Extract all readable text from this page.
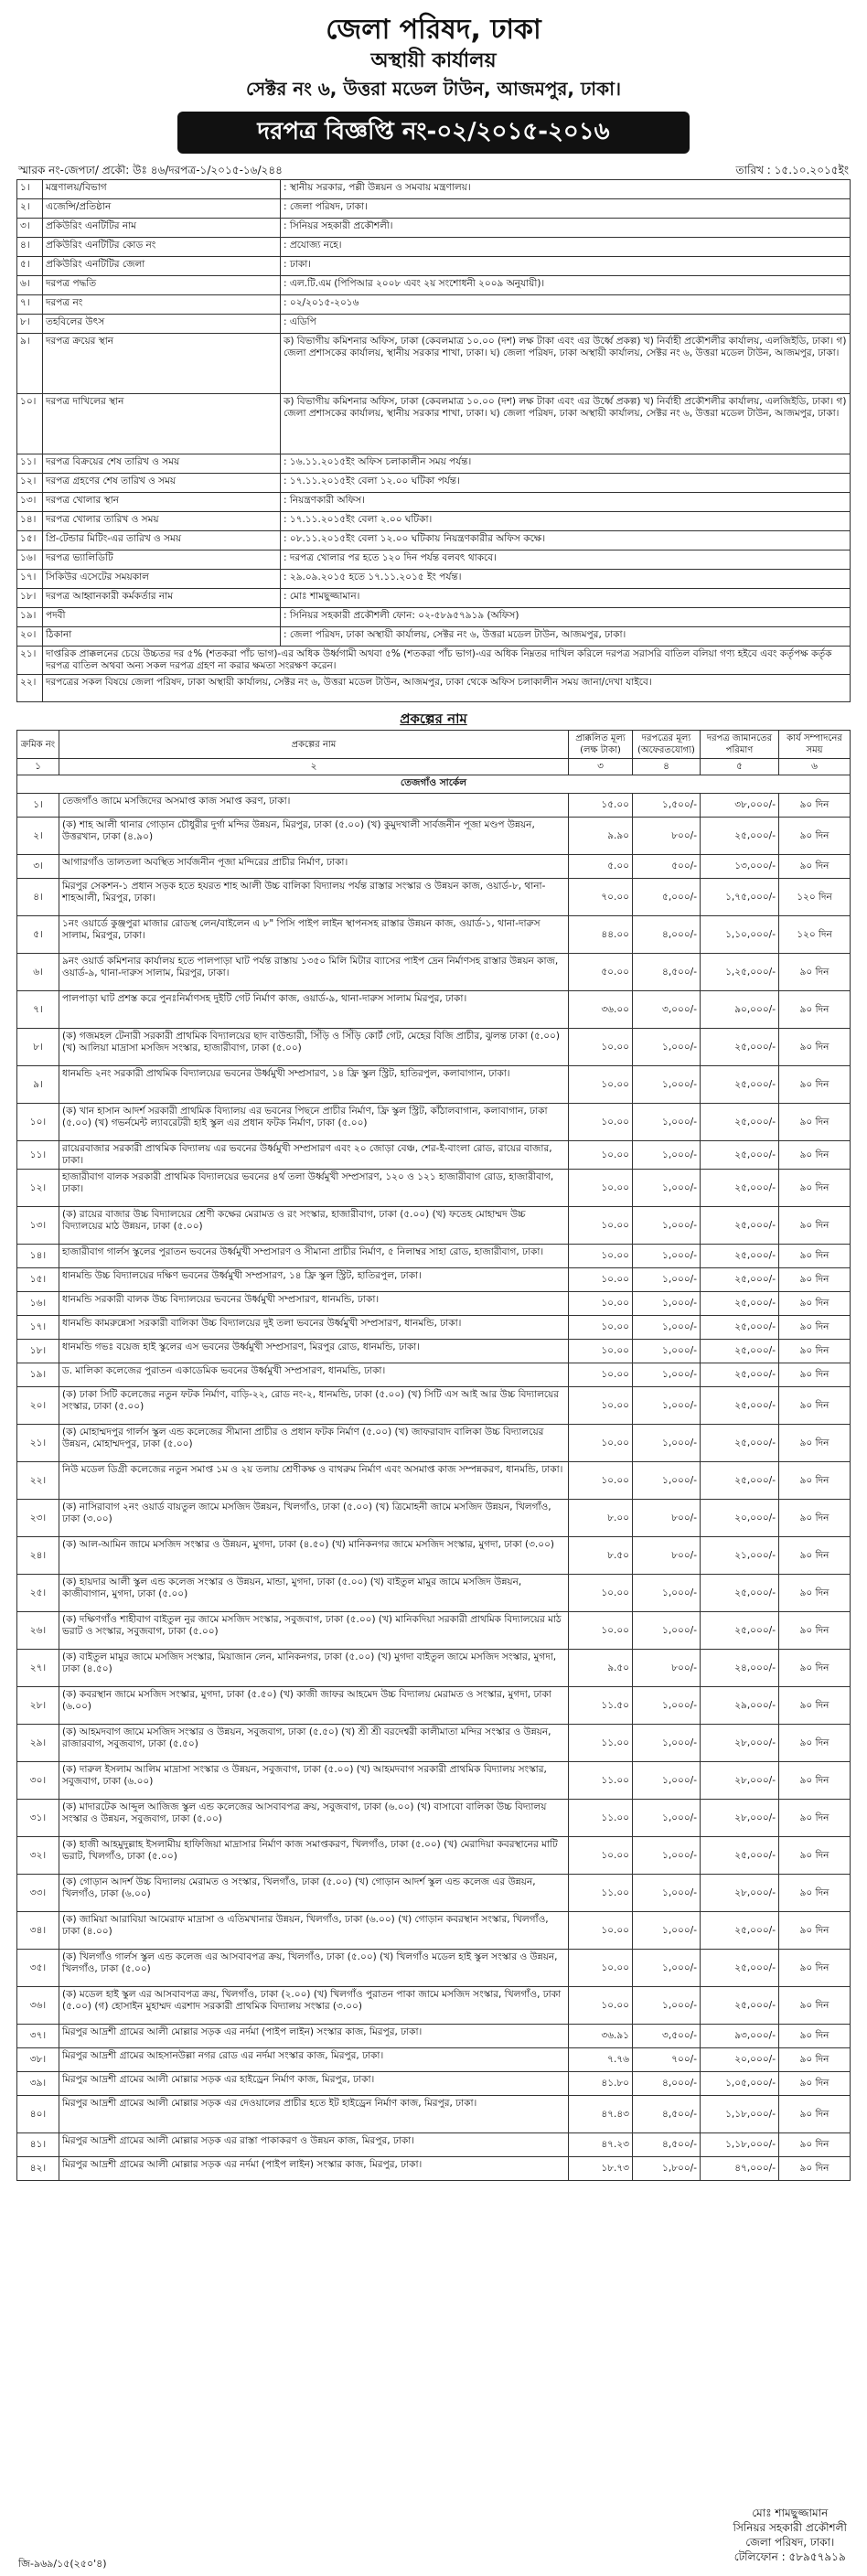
জেলা পরিষদ, ঢাকা
অস্থায়ী কার্যালয়
সেক্টর নং ৬, উত্তরা মডেল টাউন, আজমপুর, ঢাকা।
দরপত্র বিজ্ঞপ্তি নং-০২/২০১৫-২০১৬
স্মারক নং-জেপঢা/ প্রকৌ: উঃ ৪৬/দরপত্র-১/২০১৫-১৬/২৪৪	তারিখ : ১৫.১০.২০১৫ইং
১।	মন্ত্রণালয়/বিভাগ	: স্থানীয় সরকার, পল্লী উন্নয়ন ও সমবায় মন্ত্রণালয়।
২।	এজেন্সি/প্রতিষ্ঠান	: জেলা পরিষদ, ঢাকা।
৩।	প্রকিউরিং এনটিটির নাম	: সিনিয়র সহকারী প্রকৌশলী।
৪।	প্রকিউরিং এনটিটির কোড নং	: প্রযোজ্য নহে।
৫।	প্রকিউরিং এনটিটির জেলা	: ঢাকা।
৬।	দরপত্র পদ্ধতি	: এল.টি.এম (পিপিআর ২০০৮ এবং ২য় সংশোধনী ২০০৯ অনুযায়ী)।
৭।	দরপত্র নং	: ০২/২০১৫-২০১৬
৮।	তহবিলের উৎস	: এডিপি
৯।	দরপত্র ক্রয়ের স্থান	ক) বিভাগীয় কমিশনার অফিস, ঢাকা (কেবলমাত্র ১০.০০ (দশ) লক্ষ টাকা এবং এর উর্ধ্বে প্রকল্প) খ) নির্বাহী প্রকৌশলীর কার্যালয়, এলজিইডি, ঢাকা। গ) জেলা প্রশাসকের কার্যালয়, স্থানীয় সরকার শাখা, ঢাকা। ঘ) জেলা পরিষদ, ঢাকা অস্থায়ী কার্যালয়, সেক্টর নং ৬, উত্তরা মডেল টাউন, আজমপুর, ঢাকা।
১০।	দরপত্র দাখিলের স্থান	ক) বিভাগীয় কমিশনার অফিস, ঢাকা (কেবলমাত্র ১০.০০ (দশ) লক্ষ টাকা এবং এর উর্ধ্বে প্রকল্প) খ) নির্বাহী প্রকৌশলীর কার্যালয়, এলজিইডি, ঢাকা। গ) জেলা প্রশাসকের কার্যালয়, স্থানীয় সরকার শাখা, ঢাকা। ঘ) জেলা পরিষদ, ঢাকা অস্থায়ী কার্যালয়, সেক্টর নং ৬, উত্তরা মডেল টাউন, আজমপুর, ঢাকা।
১১।	দরপত্র বিক্রয়ের শেষ তারিখ ও সময়	: ১৬.১১.২০১৫ইং অফিস চলাকালীন সময় পর্যন্ত।
১২।	দরপত্র গ্রহণের শেষ তারিখ ও সময়	: ১৭.১১.২০১৫ইং বেলা ১২.০০ ঘটিকা পর্যন্ত।
১৩।	দরপত্র খোলার স্থান	: নিয়ন্ত্রণকারী অফিস।
১৪।	দরপত্র খোলার তারিখ ও সময়	: ১৭.১১.২০১৫ইং বেলা ২.০০ ঘটিকা।
১৫।	প্রি-টেন্ডার মিটিং-এর তারিখ ও সময়	: ০৮.১১.২০১৫ইং বেলা ১২.০০ ঘটিকায় নিয়ন্ত্রণকারীর অফিস কক্ষে।
১৬।	দরপত্র ভ্যালিডিটি	: দরপত্র খোলার পর হতে ১২০ দিন পর্যন্ত বলবৎ থাকবে।
১৭।	সিকিউর এসেটের সময়কাল	: ২৯.০৯.২০১৫ হতে ১৭.১১.২০১৫ ইং পর্যন্ত।
১৮।	দরপত্র আহ্বানকারী কর্মকর্তার নাম	: মোঃ শামছুজ্জামান।
১৯।	পদবী	: সিনিয়র সহকারী প্রকৌশলী ফোন: ০২-৫৮৯৫৭৯১৯ (অফিস)
২০।	ঠিকানা	: জেলা পরিষদ, ঢাকা অস্থায়ী কার্যালয়, সেক্টর নং ৬, উত্তরা মডেল টাউন, আজমপুর, ঢাকা।
২১।	দাপ্তরিক প্রাক্কলনের চেয়ে উচ্চতর দর ৫% (শতকরা পাঁচ ভাগ)-এর অধিক উর্ধ্বগামী অথবা ৫% (শতকরা পাঁচ ভাগ)-এর অধিক নিম্নতর দাখিল করিলে দরপত্র সরাসরি বাতিল বলিয়া গণ্য হইবে এবং কর্তৃপক্ষ কর্তৃক দরপত্র বাতিল অথবা অন্য সকল দরপত্র গ্রহণ না করার ক্ষমতা সংরক্ষণ করেন।	
২২।	দরপত্রের সকল বিষয়ে জেলা পরিষদ, ঢাকা অস্থায়ী কার্যালয়, সেক্টর নং ৬, উত্তরা মডেল টাউন, আজমপুর, ঢাকা থেকে অফিস চলাকালীন সময় জানা/দেখা যাইবে।	
প্রকল্পের নাম
ক্রমিক নং	প্রকল্পের নাম	প্রাক্কলিত মূল্য (লক্ষ টাকা)	দরপত্রের মূল্য (অফেরতযোগ্য)	দরপত্র জামানতের পরিমাণ	কার্য সম্পাদনের সময়
১	২	৩	৪	৫	৬
তেজগাঁও সার্কেল					
১।	তেজগাঁও জামে মসজিদের অসমাপ্ত কাজ সমাপ্ত করণ, ঢাকা।	১৫.০০	১,৫০০/-	৩৮,০০০/-	৯০ দিন
২।	(ক) শাহ আলী থানার গোড়ান চৌধুরীর দুর্গা মন্দির উন্নয়ন, মিরপুর, ঢাকা (৫.০০) (খ) কুমুদখালী সার্বজনীন পূজা মণ্ডপ উন্নয়ন, উত্তরখান, ঢাকা (৪.৯০)	৯.৯০	৮০০/-	২৫,০০০/-	৯০ দিন
৩।	আগারগাঁও তালতলা অবস্থিত সার্বজনীন পূজা মন্দিরের প্রাচীর নির্মাণ, ঢাকা।	৫.০০	৫০০/-	১৩,০০০/-	৯০ দিন
৪।	মিরপুর সেকশন-১ প্রধান সড়ক হতে হযরত শাহ আলী উচ্চ বালিকা বিদ্যালয় পর্যন্ত রাস্তার সংস্কার ও উন্নয়ন কাজ, ওয়ার্ড-৮, থানা-শাহআলী, মিরপুর, ঢাকা।	৭০.০০	৫,০০০/-	১,৭৫,০০০/-	১২০ দিন
৫।	১নং ওয়ার্ডে কুঞ্জপুরা মাজার রোডস্থ লেন/বাইলেন এ ৮" পিসি পাইপ লাইন স্থাপনসহ রাস্তার উন্নয়ন কাজ, ওয়ার্ড-১, থানা-দারুস সালাম, মিরপুর, ঢাকা।	৪৪.০০	৪,০০০/-	১,১০,০০০/-	১২০ দিন
৬।	৯নং ওয়ার্ড কমিশনার কার্যালয় হতে পালপাড়া ঘাট পর্যন্ত রাস্তায় ১৩৫০ মিলি মিটার ব্যাসের পাইপ দ্রেন নির্মাণসহ রাস্তার উন্নয়ন কাজ, ওয়ার্ড-৯, থানা-দারুস সালাম, মিরপুর, ঢাকা।	৫০.০০	৪,৫০০/-	১,২৫,০০০/-	৯০ দিন
৭।	পালপাড়া ঘাট প্রশস্ত করে পুনঃনির্মাণসহ দুইটি গেট নির্মাণ কাজ, ওয়ার্ড-৯, থানা-দারুস সালাম মিরপুর, ঢাকা।	৩৬.০০	৩,০০০/-	৯০,০০০/-	৯০ দিন
৮।	(ক) গজমহল টেনারী সরকারী প্রাথমিক বিদ্যালয়ের ছাদ বাউন্ডারী, সিঁড়ি ও সিঁড়ি কোর্ট গেট, মেহের বিজি প্রাচীর, ঝুলন্ত ঢাকা (৫.০০) (খ) আলিয়া মাদ্রাসা মসজিদ সংস্কার, হাজারীবাগ, ঢাকা (৫.০০)	১০.০০	১,০০০/-	২৫,০০০/-	৯০ দিন
৯।	ধানমন্ডি ২নং সরকারী প্রাথমিক বিদ্যালয়ের ভবনের উর্ধ্বমুখী সম্প্রসারণ, ১৪ ফ্রি স্কুল স্ট্রিট, হাতিরপুল, কলাবাগান, ঢাকা।	১০.০০	১,০০০/-	২৫,০০০/-	৯০ দিন
১০।	(ক) খান হাসান আদর্শ সরকারী প্রাথমিক বিদ্যালয় এর ভবনের পিছনে প্রাচীর নির্মাণ, ফ্রি স্কুল স্ট্রিট, কাঁঠালবাগান, কলাবাগান, ঢাকা (৫.০০) (খ) গভর্নমেন্ট ল্যাবরেটরী হাই স্কুল এর প্রধান ফটক নির্মাণ, ঢাকা (৫.০০)	১০.০০	১,০০০/-	২৫,০০০/-	৯০ দিন
১১।	রায়েরবাজার সরকারী প্রাথমিক বিদ্যালয় এর ভবনের উর্ধ্বমুখী সম্প্রসারণ এবং ২০ জোড়া বেঞ্চ, শের-ই-বাংলা রোড, রায়ের বাজার, ঢাকা।	১০.০০	১,০০০/-	২৫,০০০/-	৯০ দিন
১২।	হাজারীবাগ বালক সরকারী প্রাথমিক বিদ্যালয়ের ভবনের ৪র্থ তলা উর্ধ্বমুখী সম্প্রসারণ, ১২০ ও ১২১ হাজারীবাগ রোড, হাজারীবাগ, ঢাকা।	১০.০০	১,০০০/-	২৫,০০০/-	৯০ দিন
১৩।	(ক) রায়ের বাজার উচ্চ বিদ্যালয়ের শ্রেণী কক্ষের মেরামত ও রং সংস্কার, হাজারীবাগ, ঢাকা (৫.০০) (খ) ফতেহ মোহাম্মদ উচ্চ বিদ্যালয়ের মাঠ উন্নয়ন, ঢাকা (৫.০০)	১০.০০	১,০০০/-	২৫,০০০/-	৯০ দিন
১৪।	হাজারীবাগ গার্লস স্কুলের পুরাতন ভবনের উর্ধ্বমুখী সম্প্রসারণ ও সীমানা প্রাচীর নির্মাণ, ৫ নিলাম্বর সাহা রোড, হাজারীবাগ, ঢাকা।	১০.০০	১,০০০/-	২৫,০০০/-	৯০ দিন
১৫।	ধানমন্ডি উচ্চ বিদ্যালয়ের দক্ষিণ ভবনের উর্ধ্বমুখী সম্প্রসারণ, ১৪ ফ্রি স্কুল স্ট্রিট, হাতিরপুল, ঢাকা।	১০.০০	১,০০০/-	২৫,০০০/-	৯০ দিন
১৬।	ধানমন্ডি সরকারী বালক উচ্চ বিদ্যালয়ের ভবনের উর্ধ্বমুখী সম্প্রসারণ, ধানমন্ডি, ঢাকা।	১০.০০	১,০০০/-	২৫,০০০/-	৯০ দিন
১৭।	ধানমন্ডি কামরুন্নেসা সরকারী বালিকা উচ্চ বিদ্যালয়ের দুই তলা ভবনের উর্ধ্বমুখী সম্প্রসারণ, ধানমন্ডি, ঢাকা।	১০.০০	১,০০০/-	২৫,০০০/-	৯০ দিন
১৮।	ধানমন্ডি গভঃ বয়েজ হাই স্কুলের এস ভবনের উর্ধ্বমুখী সম্প্রসারণ, মিরপুর রোড, ধানমন্ডি, ঢাকা।	১০.০০	১,০০০/-	২৫,০০০/-	৯০ দিন
১৯।	ড. মালিকা কলেজের পুরাতন একাডেমিক ভবনের উর্ধ্বমুখী সম্প্রসারণ, ধানমন্ডি, ঢাকা।	১০.০০	১,০০০/-	২৫,০০০/-	৯০ দিন
২০।	(ক) ঢাকা সিটি কলেজের নতুন ফটক নির্মাণ, বাড়ি-২২, রোড নং-২, ধানমন্ডি, ঢাকা (৫.০০) (খ) সিটি এস আই আর উচ্চ বিদ্যালয়ের সংস্কার, ঢাকা (৫.০০)	১০.০০	১,০০০/-	২৫,০০০/-	৯০ দিন
২১।	(ক) মোহাম্মদপুর গার্লস স্কুল এন্ড কলেজের সীমানা প্রাচীর ও প্রধান ফটক নির্মাণ (৫.০০) (খ) জাফরাবাদ বালিকা উচ্চ বিদ্যালয়ের উন্নয়ন, মোহাম্মদপুর, ঢাকা (৫.০০)	১০.০০	১,০০০/-	২৫,০০০/-	৯০ দিন
২২।	নিউ মডেল ডিগ্রী কলেজের নতুন সমাপ্ত ১ম ও ২য় তলায় শ্রেণীকক্ষ ও বাথরুম নির্মাণ এবং অসমাপ্ত কাজ সম্পন্নকরণ, ধানমন্ডি, ঢাকা।	১০.০০	১,০০০/-	২৫,০০০/-	৯০ দিন
২৩।	(ক) নাসিরাবাগ ২নং ওয়ার্ড বায়তুল জামে মসজিদ উন্নয়ন, খিলগাঁও, ঢাকা (৫.০০) (খ) ত্রিমোহনী জামে মসজিদ উন্নয়ন, খিলগাঁও, ঢাকা (৩.০০)	৮.০০	৮০০/-	২০,০০০/-	৯০ দিন
২৪।	(ক) আল-আমিন জামে মসজিদ সংস্কার ও উন্নয়ন, মুগদা, ঢাকা (৪.৫০) (খ) মানিকনগর জামে মসজিদ সংস্কার, মুগদা, ঢাকা (৩.০০)	৮.৫০	৮০০/-	২১,০০০/-	৯০ দিন
২৫।	(ক) হায়দার আলী স্কুল এন্ড কলেজ সংস্কার ও উন্নয়ন, মান্ডা, মুগদা, ঢাকা (৫.০০) (খ) বাইতুল মামুর জামে মসজিদ উন্নয়ন, কাজীবাগান, মুগদা, ঢাকা (৫.০০)	১০.০০	১,০০০/-	২৫,০০০/-	৯০ দিন
২৬।	(ক) দক্ষিণগাঁও শাহীবাগ বাইতুল নুর জামে মসজিদ সংস্কার, সবুজবাগ, ঢাকা (৫.০০) (খ) মানিকদিয়া সরকারী প্রাথমিক বিদ্যালয়ের মাঠ ভরাট ও সংস্কার, সবুজবাগ, ঢাকা (৫.০০)	১০.০০	১,০০০/-	২৫,০০০/-	৯০ দিন
২৭।	(ক) বাইতুল মামুর জামে মসজিদ সংস্কার, মিয়াজান লেন, মানিকনগর, ঢাকা (৫.০০) (খ) মুগদা বাইতুল জামে মসজিদ সংস্কার, মুগদা, ঢাকা (৪.৫০)	৯.৫০	৮০০/-	২৪,০০০/-	৯০ দিন
২৮।	(ক) কবরস্থান জামে মসজিদ সংস্কার, মুগদা, ঢাকা (৫.৫০) (খ) কাজী জাফর আহমেদ উচ্চ বিদ্যালয় মেরামত ও সংস্কার, মুগদা, ঢাকা (৬.০০)	১১.৫০	১,০০০/-	২৯,০০০/-	৯০ দিন
২৯।	(ক) আহমদবাগ জামে মসজিদ সংস্কার ও উন্নয়ন, সবুজবাগ, ঢাকা (৫.৫০) (খ) শ্রী শ্রী বরদেশ্বরী কালীমাতা মন্দির সংস্কার ও উন্নয়ন, রাজারবাগ, সবুজবাগ, ঢাকা (৫.৫০)	১১.০০	১,০০০/-	২৮,০০০/-	৯০ দিন
৩০।	(ক) দারুল ইসলাম আলিম মাদ্রাসা সংস্কার ও উন্নয়ন, সবুজবাগ, ঢাকা (৫.০০) (খ) আহমদবাগ সরকারী প্রাথমিক বিদ্যালয় সংস্কার, সবুজবাগ, ঢাকা (৬.০০)	১১.০০	১,০০০/-	২৮,০০০/-	৯০ দিন
৩১।	(ক) মাদারটেক আব্দুল আজিজ স্কুল এন্ড কলেজের আসবাবপত্র ক্রয়, সবুজবাগ, ঢাকা (৬.০০) (খ) বাসাবো বালিকা উচ্চ বিদ্যালয় সংস্কার ও উন্নয়ন, সবুজবাগ, ঢাকা (৫.০০)	১১.০০	১,০০০/-	২৮,০০০/-	৯০ দিন
৩২।	(ক) হাজী আহমুদুল্লাহ ইসলামীয় হাফিজিয়া মাদ্রাসার নির্মাণ কাজ সমাপ্তকরণ, খিলগাঁও, ঢাকা (৫.০০) (খ) মেরাদিয়া কবরস্থানের মাটি ভরাট, খিলগাঁও, ঢাকা (৫.০০)	১০.০০	১,০০০/-	২৫,০০০/-	৯০ দিন
৩৩।	(ক) গোড়ান আদর্শ উচ্চ বিদ্যালয় মেরামত ও সংস্কার, খিলগাঁও, ঢাকা (৫.০০) (খ) গোড়ান আদর্শ স্কুল এন্ড কলেজ এর উন্নয়ন, খিলগাঁও, ঢাকা (৬.০০)	১১.০০	১,০০০/-	২৮,০০০/-	৯০ দিন
৩৪।	(ক) জামিয়া আরাবিয়া আমেরাফ মাদ্রাসা ও এতিমখানার উন্নয়ন, খিলগাঁও, ঢাকা (৬.০০) (খ) গোড়ান কবরস্থান সংস্কার, খিলগাঁও, ঢাকা (৪.০০)	১০.০০	১,০০০/-	২৫,০০০/-	৯০ দিন
৩৫।	(ক) খিলগাঁও গার্লস স্কুল এন্ড কলেজ এর আসবাবপত্র ক্রয়, খিলগাঁও, ঢাকা (৫.০০) (খ) খিলগাঁও মডেল হাই স্কুল সংস্কার ও উন্নয়ন, খিলগাঁও, ঢাকা (৫.০০)	১০.০০	১,০০০/-	২৫,০০০/-	৯০ দিন
৩৬।	(ক) মডেল হাই স্কুল এর আসবাবপত্র ক্রয়, খিলগাঁও, ঢাকা (২.০০) (খ) খিলগাঁও পুরাতন পাকা জামে মসজিদ সংস্কার, খিলগাঁও, ঢাকা (৫.০০) (গ) হোসাইন মুহাম্মদ এরশাদ সরকারী প্রাথমিক বিদ্যালয় সংস্কার (৩.০০)	১০.০০	১,০০০/-	২৫,০০০/-	৯০ দিন
৩৭।	মিরপুর আদ্রশী গ্রামের আলী মোল্লার সড়ক এর নর্দমা (পাইপ লাইন) সংস্কার কাজ, মিরপুর, ঢাকা।	৩৬.৯১	৩,৫০০/-	৯৩,০০০/-	৯০ দিন
৩৮।	মিরপুর আদ্রশী গ্রামের আহসানউল্লা নগর রোড এর নর্দমা সংস্কার কাজ, মিরপুর, ঢাকা।	৭.৭৬	৭০০/-	২০,০০০/-	৯০ দিন
৩৯।	মিরপুর আদ্রশী গ্রামের আলী মোল্লার সড়ক এর হাইড্রেন নির্মাণ কাজ, মিরপুর, ঢাকা।	৪১.৮০	৪,০০০/-	১,০৫,০০০/-	৯০ দিন
৪০।	মিরপুর আদ্রশী গ্রামের আলী মোল্লার সড়ক এর দেওয়ালের প্রাচীর হতে ইট হাইড্রেন নির্মাণ কাজ, মিরপুর, ঢাকা।	৪৭.৪৩	৪,৫০০/-	১,১৮,০০০/-	৯০ দিন
৪১।	মিরপুর আদ্রশী গ্রামের আলী মোল্লার সড়ক এর রাস্তা পাকাকরণ ও উন্নয়ন কাজ, মিরপুর, ঢাকা।	৪৭.২৩	৪,৫০০/-	১,১৮,০০০/-	৯০ দিন
৪২।	মিরপুর আদ্রশী গ্রামের আলী মোল্লার সড়ক এর নর্দমা (পাইপ লাইন) সংস্কার কাজ, মিরপুর, ঢাকা।	১৮.৭৩	১,৮০০/-	৪৭,০০০/-	৯০ দিন
মোঃ শামছুজ্জামান
সিনিয়র সহকারী প্রকৌশলী
জেলা পরিষদ, ঢাকা।
টেলিফোন : ৫৮৯৫৭৯১৯
জি-৯৬৯/১৫(২৫০'৪)
